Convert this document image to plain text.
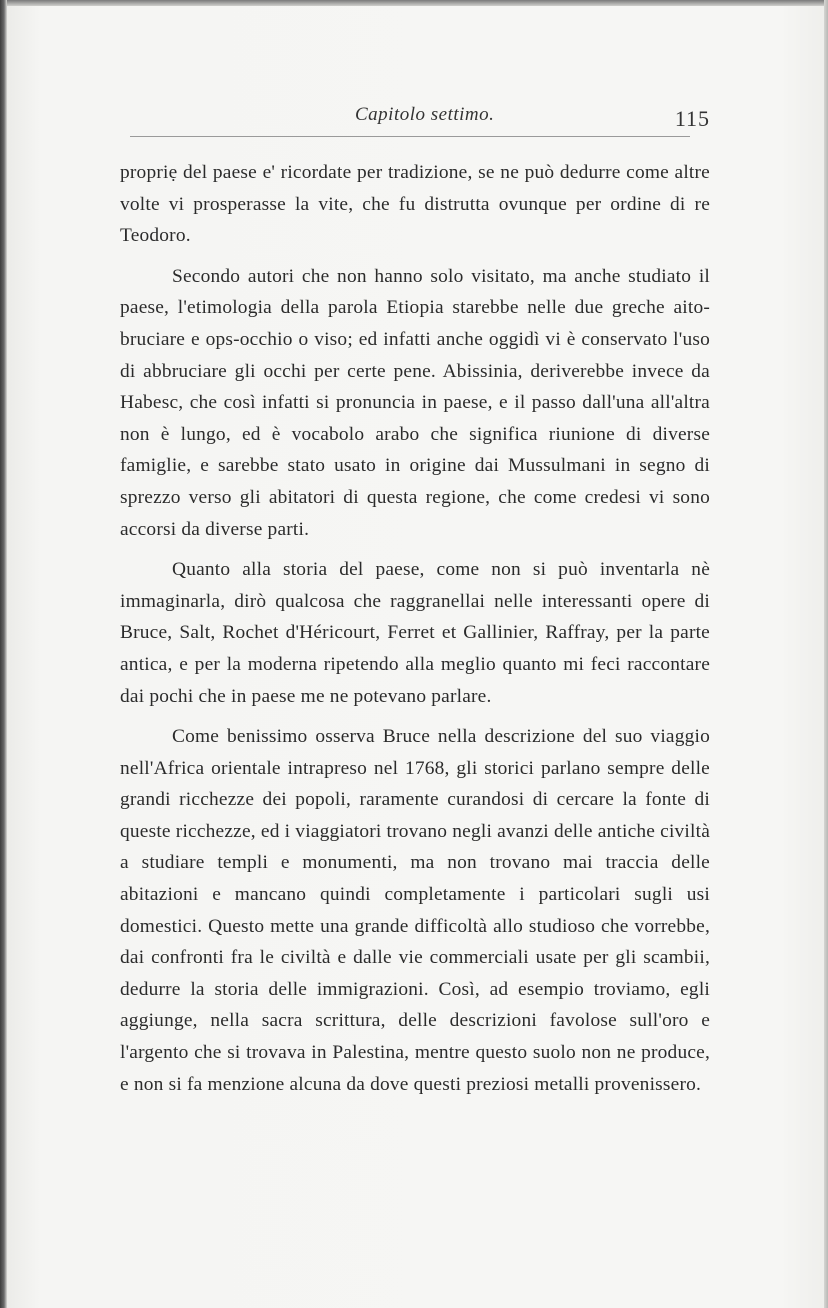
Capitolo settimo.	115

propriẹ del paese e' ricordate per tradizione, se ne può dedurre come altre volte vi prosperasse la vite, che fu distrutta ovunque per ordine di re Teodoro.

Secondo autori che non hanno solo visitato, ma anche studiato il paese, l'etimologia della parola Etiopia starebbe nelle due greche aito-bruciare e ops-occhio o viso; ed infatti anche oggidì vi è conservato l'uso di abbruciare gli occhi per certe pene. Abissinia, deriverebbe invece da Habesc, che così infatti si pronuncia in paese, e il passo dall'una all'altra non è lungo, ed è vocabolo arabo che significa riunione di diverse famiglie, e sarebbe stato usato in origine dai Mussulmani in segno di sprezzo verso gli abitatori di questa regione, che come credesi vi sono accorsi da diverse parti.

Quanto alla storia del paese, come non si può inventarla nè immaginarla, dirò qualcosa che raggranellai nelle interessanti opere di Bruce, Salt, Rochet d'Héricourt, Ferret et Gallinier, Raffray, per la parte antica, e per la moderna ripetendo alla meglio quanto mi feci raccontare dai pochi che in paese me ne potevano parlare.

Come benissimo osserva Bruce nella descrizione del suo viaggio nell'Africa orientale intrapreso nel 1768, gli storici parlano sempre delle grandi ricchezze dei popoli, raramente curandosi di cercare la fonte di queste ricchezze, ed i viaggiatori trovano negli avanzi delle antiche civiltà a studiare templi e monumenti, ma non trovano mai traccia delle abitazioni e mancano quindi completamente i particolari sugli usi domestici. Questo mette una grande difficoltà allo studioso che vorrebbe, dai confronti fra le civiltà e dalle vie commerciali usate per gli scambii, dedurre la storia delle immigrazioni. Così, ad esempio troviamo, egli aggiunge, nella sacra scrittura, delle descrizioni favolose sull'oro e l'argento che si trovava in Palestina, mentre questo suolo non ne produce, e non si fa menzione alcuna da dove questi preziosi metalli provenissero.
